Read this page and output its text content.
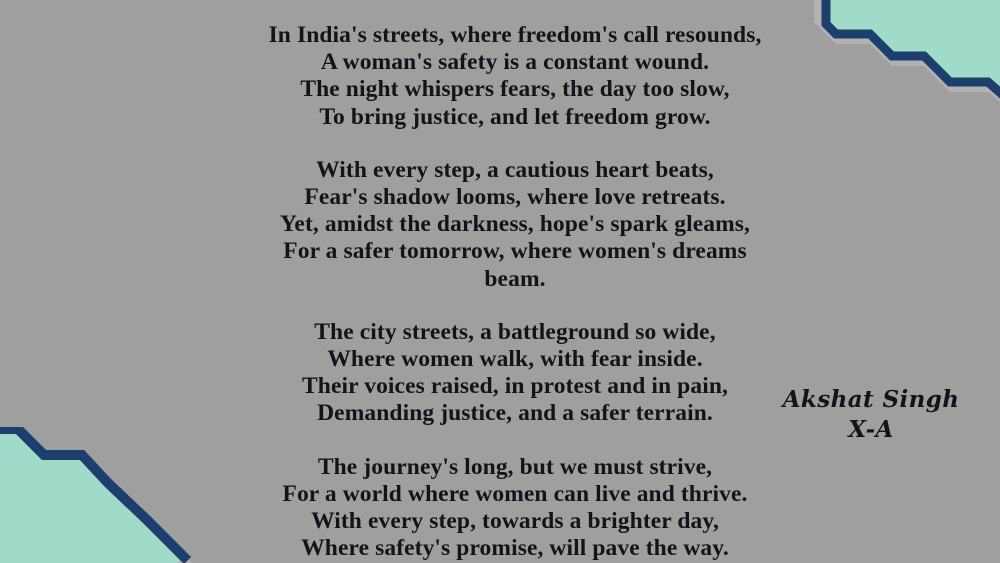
In India's streets, where freedom's call resounds,
A woman's safety is a constant wound.
The night whispers fears, the day too slow,
To bring justice, and let freedom grow.

With every step, a cautious heart beats,
Fear's shadow looms, where love retreats.
Yet, amidst the darkness, hope's spark gleams,
For a safer tomorrow, where women's dreams
beam.

The city streets, a battleground so wide,
Where women walk, with fear inside.
Their voices raised, in protest and in pain,
Demanding justice, and a safer terrain.

The journey's long, but we must strive,
For a world where women can live and thrive.
With every step, towards a brighter day,
Where safety's promise, will pave the way.

Akshat Singh
X-A
